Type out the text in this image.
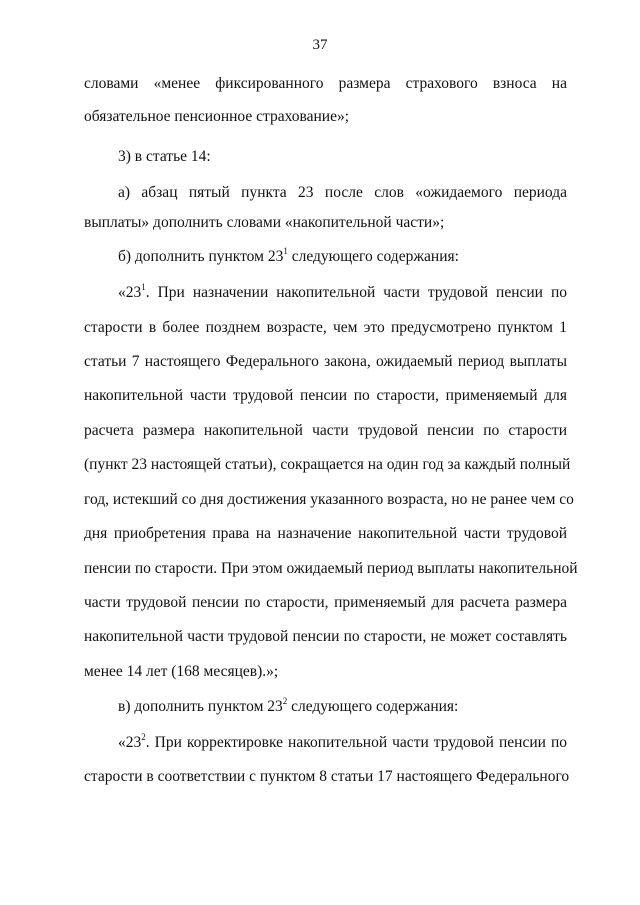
37
словами «менее фиксированного размера страхового взноса на
обязательное пенсионное страхование»;
3) в статье 14:
а) абзац пятый пункта 23 после слов «ожидаемого периода
выплаты» дополнить словами «накопительной части»;
б) дополнить пунктом $23^1$ следующего содержания:
«$23^1$. При назначении накопительной части трудовой пенсии по
старости в более позднем возрасте, чем это предусмотрено пунктом 1
статьи 7 настоящего Федерального закона, ожидаемый период выплаты
накопительной части трудовой пенсии по старости, применяемый для
расчета размера накопительной части трудовой пенсии по старости
(пункт 23 настоящей статьи), сокращается на один год за каждый полный
год, истекший со дня достижения указанного возраста, но не ранее чем со
дня приобретения права на назначение накопительной части трудовой
пенсии по старости. При этом ожидаемый период выплаты накопительной
части трудовой пенсии по старости, применяемый для расчета размера
накопительной части трудовой пенсии по старости, не может составлять
менее 14 лет (168 месяцев).»;
в) дополнить пунктом $23^2$ следующего содержания:
«$23^2$. При корректировке накопительной части трудовой пенсии по
старости в соответствии с пунктом 8 статьи 17 настоящего Федерального
